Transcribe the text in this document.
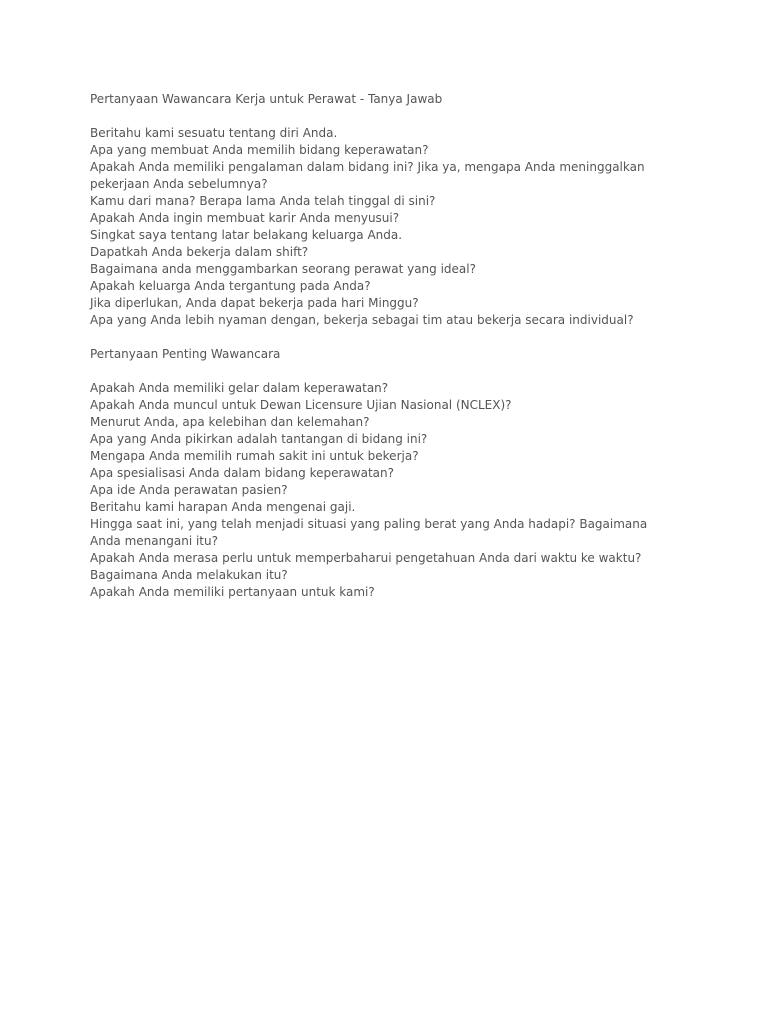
Pertanyaan Wawancara Kerja untuk Perawat - Tanya Jawab

Beritahu kami sesuatu tentang diri Anda.

Apa yang membuat Anda memilih bidang keperawatan?

Apakah Anda memiliki pengalaman dalam bidang ini? Jika ya, mengapa Anda meninggalkan pekerjaan Anda sebelumnya?

Kamu dari mana? Berapa lama Anda telah tinggal di sini?

Apakah Anda ingin membuat karir Anda menyusui?

Singkat saya tentang latar belakang keluarga Anda.

Dapatkah Anda bekerja dalam shift?

Bagaimana anda menggambarkan seorang perawat yang ideal?

Apakah keluarga Anda tergantung pada Anda?

Jika diperlukan, Anda dapat bekerja pada hari Minggu?

Apa yang Anda lebih nyaman dengan, bekerja sebagai tim atau bekerja secara individual?

Pertanyaan Penting Wawancara

Apakah Anda memiliki gelar dalam keperawatan?

Apakah Anda muncul untuk Dewan Licensure Ujian Nasional (NCLEX)?

Menurut Anda, apa kelebihan dan kelemahan?

Apa yang Anda pikirkan adalah tantangan di bidang ini?

Mengapa Anda memilih rumah sakit ini untuk bekerja?

Apa spesialisasi Anda dalam bidang keperawatan?

Apa ide Anda perawatan pasien?

Beritahu kami harapan Anda mengenai gaji.

Hingga saat ini, yang telah menjadi situasi yang paling berat yang Anda hadapi? Bagaimana Anda menangani itu?

Apakah Anda merasa perlu untuk memperbaharui pengetahuan Anda dari waktu ke waktu? Bagaimana Anda melakukan itu?

Apakah Anda memiliki pertanyaan untuk kami?
